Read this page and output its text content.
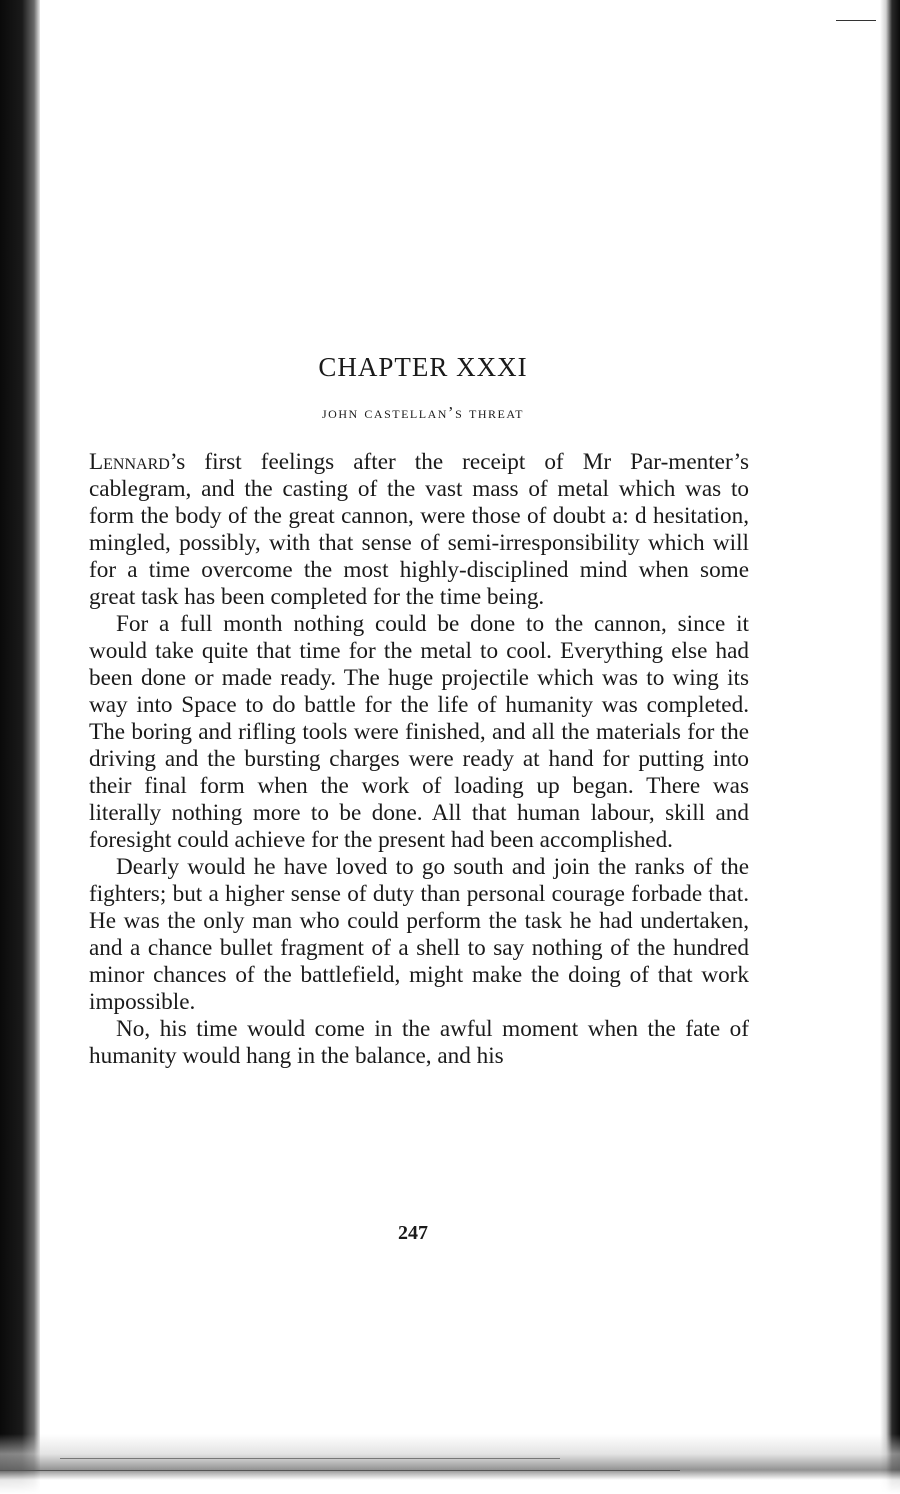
CHAPTER XXXI
john castellan’s threat

Lennard’s first feelings after the receipt of Mr Par-menter’s cablegram, and the casting of the vast mass of metal which was to form the body of the great cannon, were those of doubt a: d hesitation, mingled, possibly, with that sense of semi-irresponsibility which will for a time overcome the most highly-disciplined mind when some great task has been completed for the time being.

For a full month nothing could be done to the cannon, since it would take quite that time for the metal to cool. Everything else had been done or made ready. The huge projectile which was to wing its way into Space to do battle for the life of humanity was completed. The boring and rifling tools were finished, and all the materials for the driving and the bursting charges were ready at hand for putting into their final form when the work of loading up began. There was literally nothing more to be done. All that human labour, skill and foresight could achieve for the present had been accomplished.

Dearly would he have loved to go south and join the ranks of the fighters; but a higher sense of duty than personal courage forbade that. He was the only man who could perform the task he had undertaken, and a chance bullet fragment of a shell to say nothing of the hundred minor chances of the battlefield, might make the doing of that work impossible.

No, his time would come in the awful moment when the fate of humanity would hang in the balance, and his

247
